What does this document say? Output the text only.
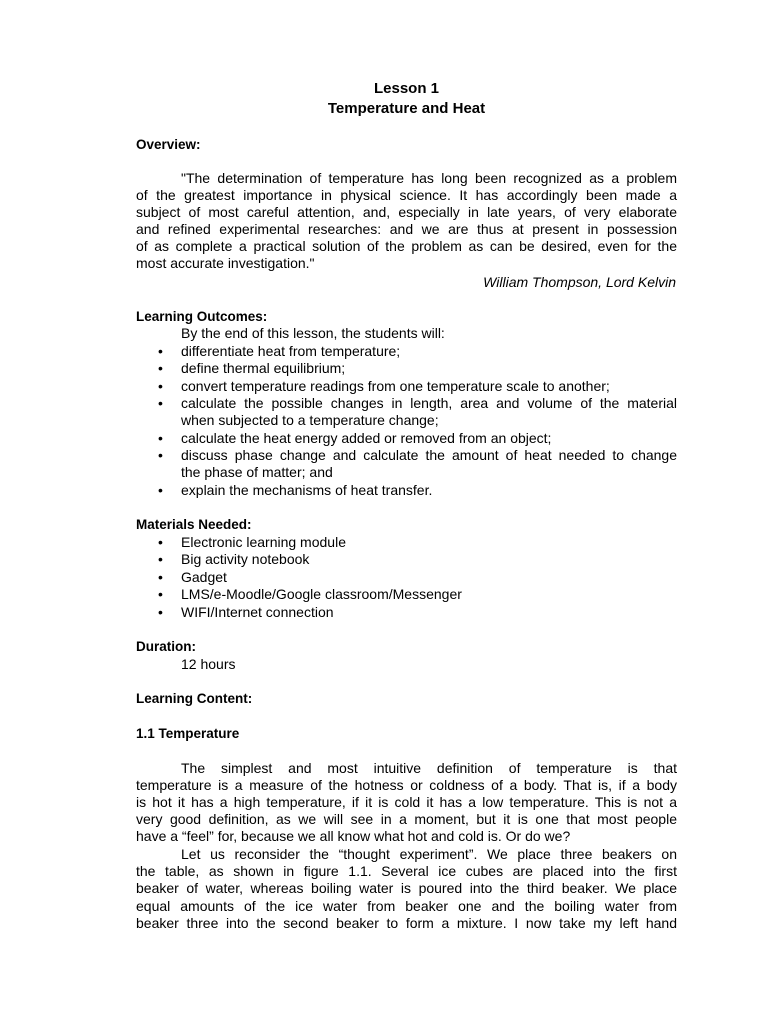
Lesson 1
Temperature and Heat
Overview:
"The determination of temperature has long been recognized as a problem
of the greatest importance in physical science. It has accordingly been made a
subject of most careful attention, and, especially in late years, of very elaborate
and refined experimental researches: and we are thus at present in possession
of as complete a practical solution of the problem as can be desired, even for the
most accurate investigation."
William Thompson, Lord Kelvin
Learning Outcomes:
By the end of this lesson, the students will:
•	differentiate heat from temperature;
•	define thermal equilibrium;
•	convert temperature readings from one temperature scale to another;
•	calculate the possible changes in length, area and volume of the material
when subjected to a temperature change;
•	calculate the heat energy added or removed from an object;
•	discuss phase change and calculate the amount of heat needed to change
the phase of matter; and
•	explain the mechanisms of heat transfer.
Materials Needed:
•	Electronic learning module
•	Big activity notebook
•	Gadget
•	LMS/e-Moodle/Google classroom/Messenger
•	WIFI/Internet connection
Duration:
12 hours
Learning Content:
1.1 Temperature
The simplest and most intuitive definition of temperature is that
temperature is a measure of the hotness or coldness of a body. That is, if a body
is hot it has a high temperature, if it is cold it has a low temperature. This is not a
very good definition, as we will see in a moment, but it is one that most people
have a “feel” for, because we all know what hot and cold is. Or do we?
Let us reconsider the “thought experiment”. We place three beakers on
the table, as shown in figure 1.1. Several ice cubes are placed into the first
beaker of water, whereas boiling water is poured into the third beaker. We place
equal amounts of the ice water from beaker one and the boiling water from
beaker three into the second beaker to form a mixture. I now take my left hand
